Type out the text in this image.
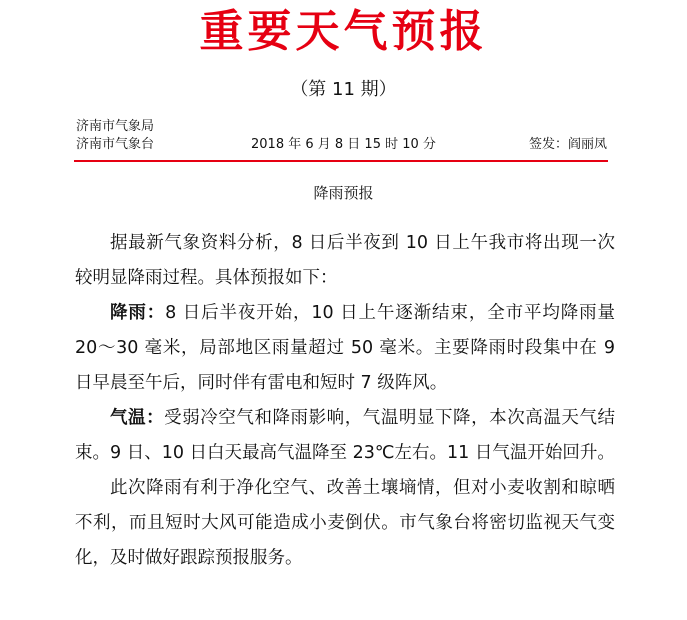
重要天气预报
（第 11 期）
济南市气象局
济南市气象台	2018 年 6 月 8 日 15 时 10 分	签发：阎丽凤
降雨预报

据最新气象资料分析，8 日后半夜到 10 日上午我市将出现一次较明显降雨过程。具体预报如下：

降雨：8 日后半夜开始，10 日上午逐渐结束，全市平均降雨量 20～30 毫米，局部地区雨量超过 50 毫米。主要降雨时段集中在 9 日早晨至午后，同时伴有雷电和短时 7 级阵风。

气温：受弱冷空气和降雨影响，气温明显下降，本次高温天气结束。9 日、10 日白天最高气温降至 23℃左右。11 日气温开始回升。

此次降雨有利于净化空气、改善土壤墒情，但对小麦收割和晾晒不利，而且短时大风可能造成小麦倒伏。市气象台将密切监视天气变化，及时做好跟踪预报服务。
